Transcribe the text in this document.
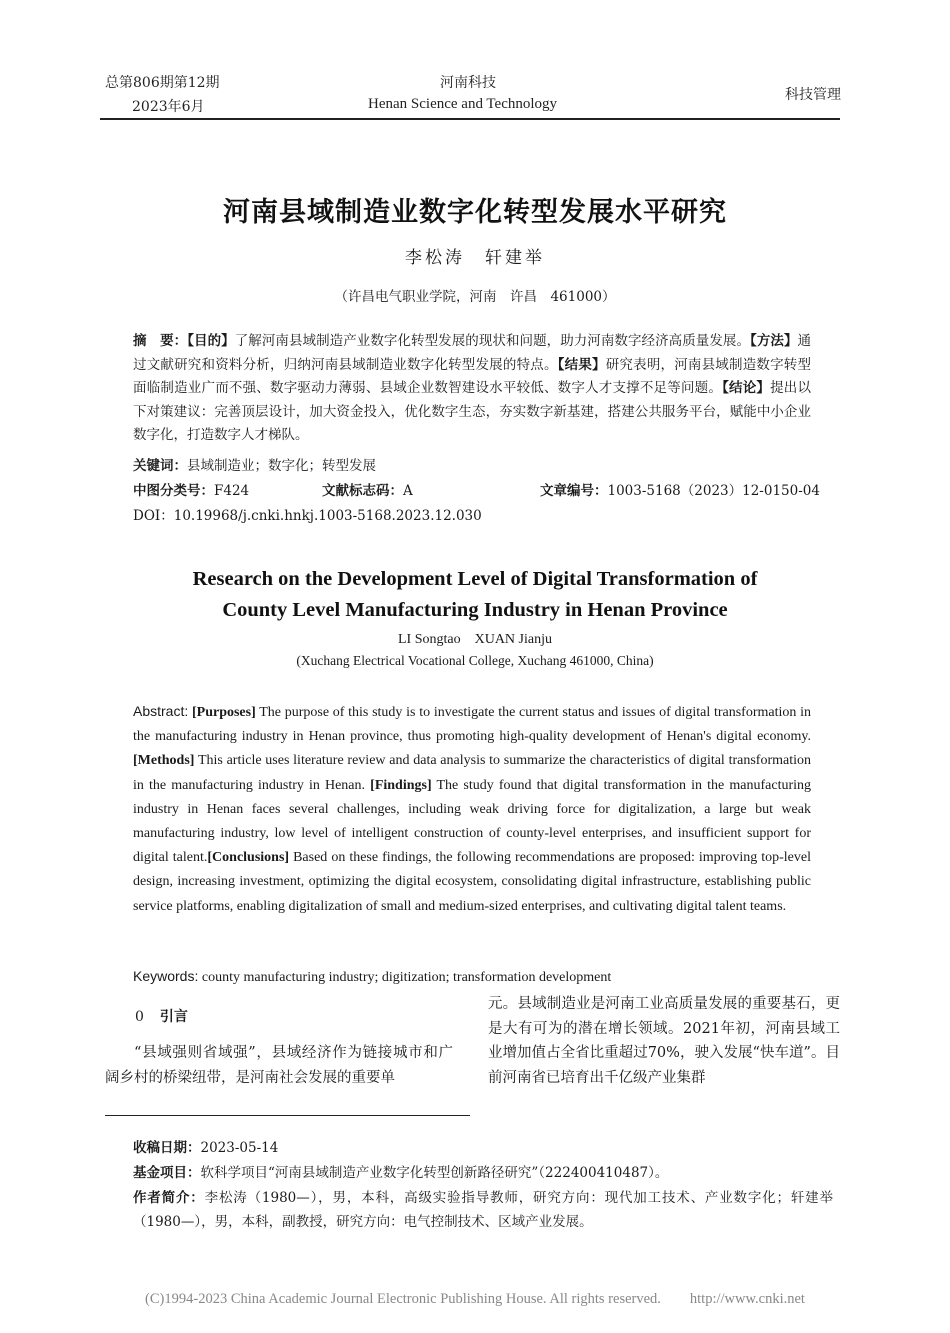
总第806期第12期
2023年6月
河南科技
Henan Science and Technology
科技管理
河南县域制造业数字化转型发展水平研究
李松涛　轩建举
（许昌电气职业学院，河南　许昌　461000）
摘　要：【目的】了解河南县域制造产业数字化转型发展的现状和问题，助力河南数字经济高质量发展。【方法】通过文献研究和资料分析，归纳河南县域制造业数字化转型发展的特点。【结果】研究表明，河南县域制造数字转型面临制造业广而不强、数字驱动力薄弱、县域企业数智建设水平较低、数字人才支撑不足等问题。【结论】提出以下对策建议：完善顶层设计，加大资金投入，优化数字生态，夯实数字新基建，搭建公共服务平台，赋能中小企业数字化，打造数字人才梯队。
关键词：县域制造业；数字化；转型发展
中图分类号：F424	文献标志码：A	文章编号：1003-5168（2023）12-0150-04
DOI：10.19968/j.cnki.hnkj.1003-5168.2023.12.030
Research on the Development Level of Digital Transformation of
County Level Manufacturing Industry in Henan Province
LI Songtao　XUAN Jianju
(Xuchang Electrical Vocational College, Xuchang 461000, China)
Abstract: [Purposes] The purpose of this study is to investigate the current status and issues of digital transformation in the manufacturing industry in Henan province, thus promoting high-quality development of Henan's digital economy. [Methods] This article uses literature review and data analysis to summarize the characteristics of digital transformation in the manufacturing industry in Henan. [Findings] The study found that digital transformation in the manufacturing industry in Henan faces several challenges, including weak driving force for digitalization, a large but weak manufacturing industry, low level of intelligent construction of county-level enterprises, and insufficient support for digital talent.[Conclusions] Based on these findings, the following recommendations are proposed: improving top-level design, increasing investment, optimizing the digital ecosystem, consolidating digital infrastructure, establishing public service platforms, enabling digitalization of small and medium-sized enterprises, and cultivating digital talent teams.
Keywords: county manufacturing industry; digitization; transformation development
0 引言
“县域强则省域强”，县域经济作为链接城市和广阔乡村的桥梁纽带，是河南社会发展的重要单
元。县域制造业是河南工业高质量发展的重要基石，更是大有可为的潜在增长领域。2021年初，河南县域工业增加值占全省比重超过70%，驶入发展“快车道”。目前河南省已培育出千亿级产业集群
收稿日期：2023-05-14
基金项目：软科学项目“河南县域制造产业数字化转型创新路径研究”（222400410487）。
作者简介：李松涛（1980—），男，本科，高级实验指导教师，研究方向：现代加工技术、产业数字化；轩建举（1980—），男，本科，副教授，研究方向：电气控制技术、区域产业发展。
(C)1994-2023 China Academic Journal Electronic Publishing House. All rights reserved.　　http://www.cnki.net
